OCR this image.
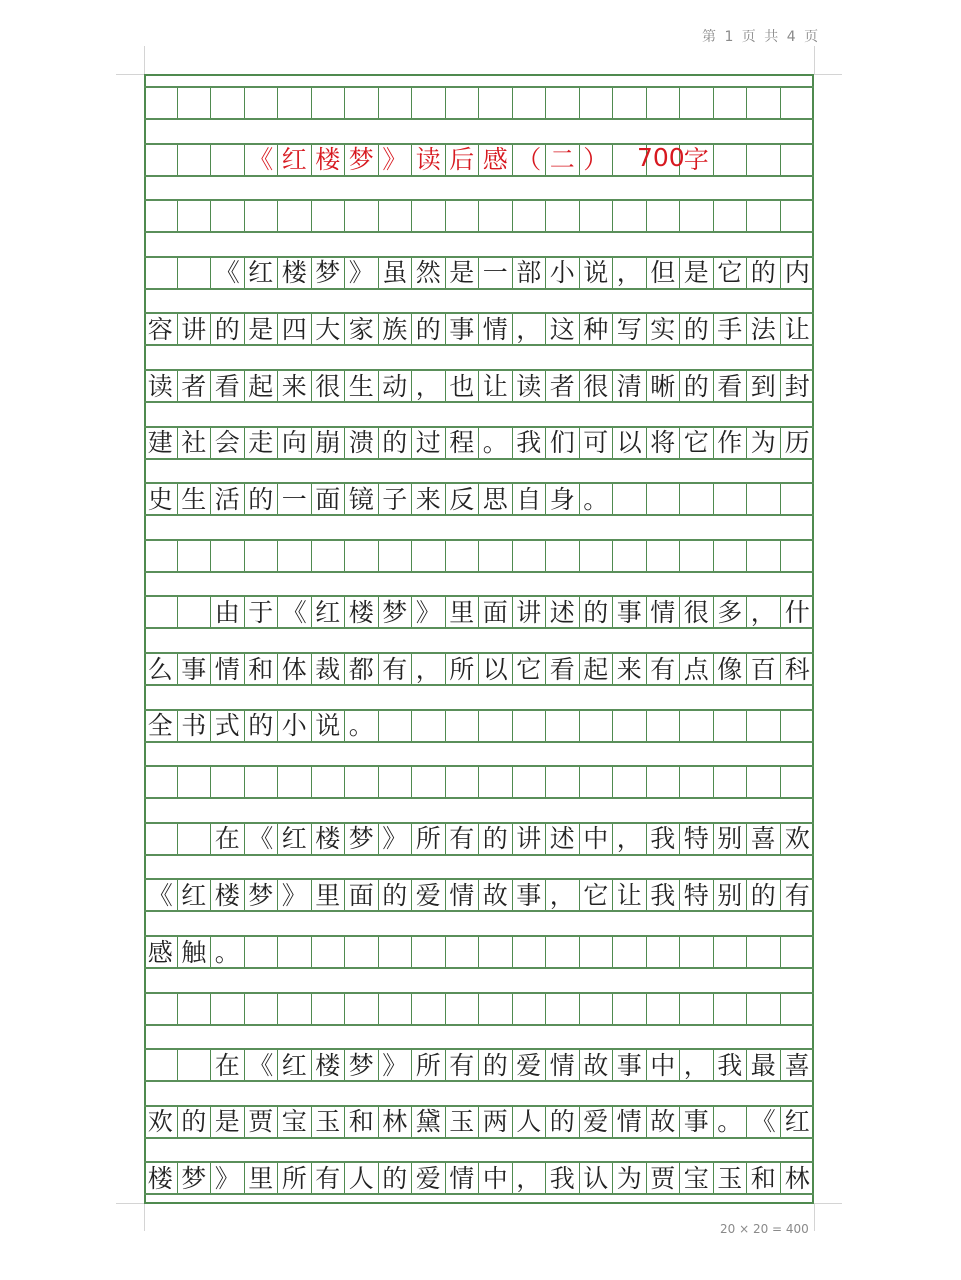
第 1 页 共 4 页
《 红 楼 梦 》 读 后 感 （ 二 ）	字
《 红 楼 梦 》 虽 然 是 一 部 小 说 ， 但 是 它 的 内
容 讲 的 是 四 大 家 族 的 事 情 ， 这 种 写 实 的 手 法 让
读 者 看 起 来 很 生 动 ， 也 让 读 者 很 清 晰 的 看 到 封
建 社 会 走 向 崩 溃 的 过 程 。 我 们 可 以 将 它 作 为 历
史 生 活 的 一 面 镜 子 来 反 思 自 身 。
由 于 《 红 楼 梦 》 里 面 讲 述 的 事 情 很 多 ， 什
么 事 情 和 体 裁 都 有 ， 所 以 它 看 起 来 有 点 像 百 科
全 书 式 的 小 说 。
在 《 红 楼 梦 》 所 有 的 讲 述 中 ， 我 特 别 喜 欢
《 红 楼 梦 》 里 面 的 爱 情 故 事 ， 它 让 我 特 别 的 有
感 触 。
在 《 红 楼 梦 》 所 有 的 爱 情 故 事 中 ， 我 最 喜
欢 的 是 贾 宝 玉 和 林 黛 玉 两 人 的 爱 情 故 事 。 《 红
楼 梦 》 里 所 有 人 的 爱 情 中 ， 我 认 为 贾 宝 玉 和 林
700
20 × 20 = 400
